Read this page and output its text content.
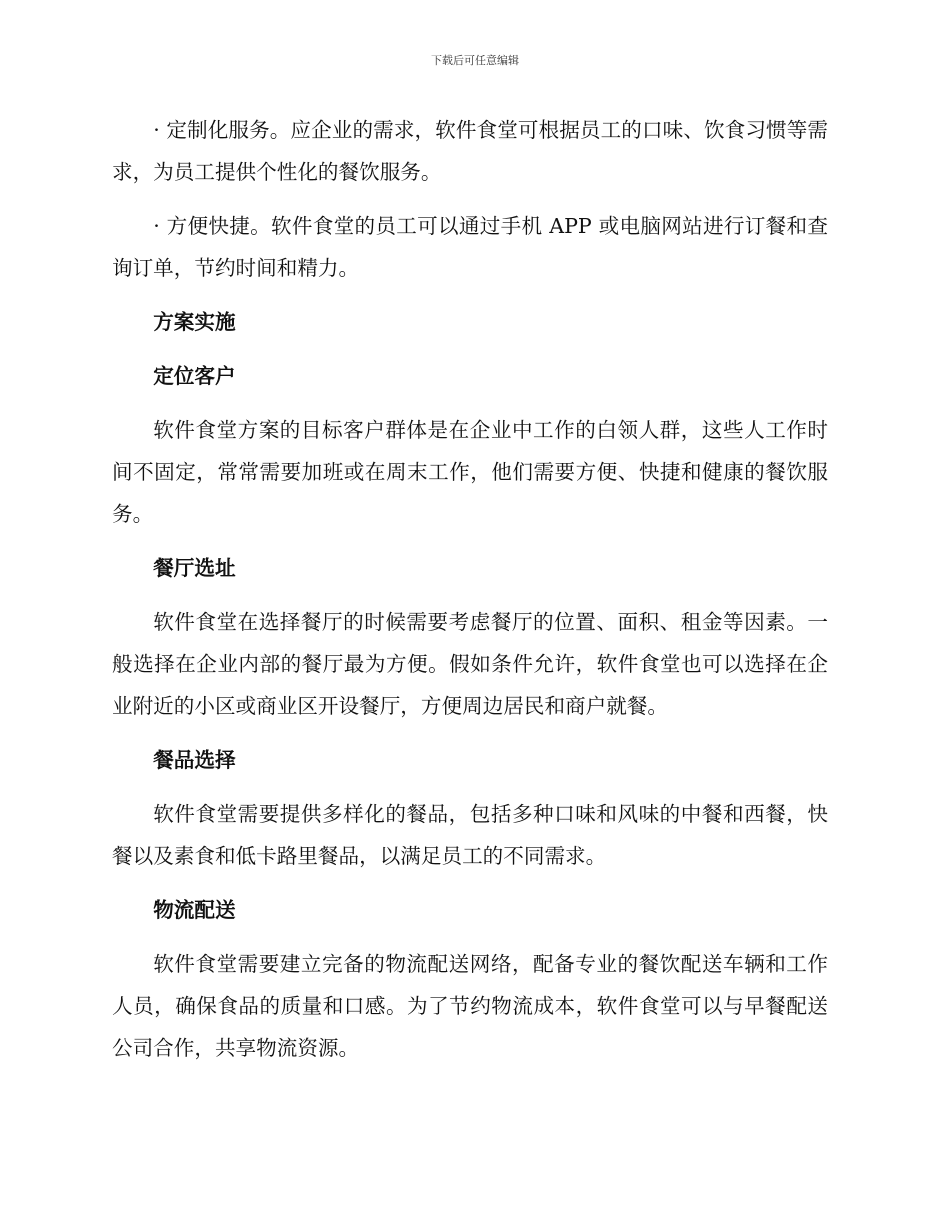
下载后可任意编辑

· 定制化服务。应企业的需求，软件食堂可根据员工的口味、饮食习惯等需求，为员工提供个性化的餐饮服务。

· 方便快捷。软件食堂的员工可以通过手机 APP 或电脑网站进行订餐和查询订单，节约时间和精力。

方案实施
定位客户

软件食堂方案的目标客户群体是在企业中工作的白领人群，这些人工作时间不固定，常常需要加班或在周末工作，他们需要方便、快捷和健康的餐饮服务。

餐厅选址

软件食堂在选择餐厅的时候需要考虑餐厅的位置、面积、租金等因素。一般选择在企业内部的餐厅最为方便。假如条件允许，软件食堂也可以选择在企业附近的小区或商业区开设餐厅，方便周边居民和商户就餐。

餐品选择

软件食堂需要提供多样化的餐品，包括多种口味和风味的中餐和西餐，快餐以及素食和低卡路里餐品，以满足员工的不同需求。

物流配送

软件食堂需要建立完备的物流配送网络，配备专业的餐饮配送车辆和工作人员，确保食品的质量和口感。为了节约物流成本，软件食堂可以与早餐配送公司合作，共享物流资源。
